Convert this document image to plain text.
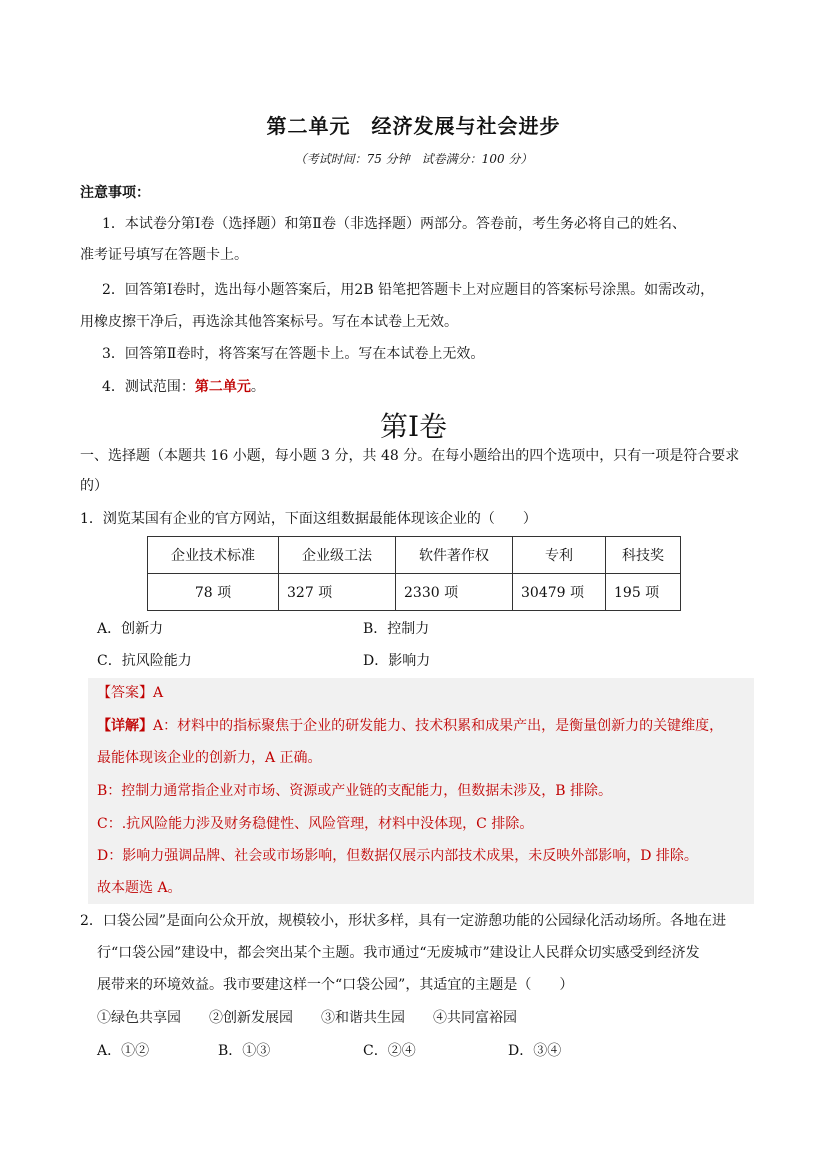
第二单元　经济发展与社会进步
（考试时间：75 分钟　试卷满分：100 分）
注意事项：
1．本试卷分第Ⅰ卷（选择题）和第Ⅱ卷（非选择题）两部分。答卷前，考生务必将自己的姓名、
准考证号填写在答题卡上。
2．回答第Ⅰ卷时，选出每小题答案后，用2B 铅笔把答题卡上对应题目的答案标号涂黑。如需改动，
用橡皮擦干净后，再选涂其他答案标号。写在本试卷上无效。
3．回答第Ⅱ卷时，将答案写在答题卡上。写在本试卷上无效。
4．测试范围：第二单元。
第I卷
一、选择题（本题共 16 小题，每小题 3 分，共 48 分。在每小题给出的四个选项中，只有一项是符合要求
的）
1．浏览某国有企业的官方网站，下面这组数据最能体现该企业的（　　）
企业技术标准	企业级工法	软件著作权	专利	科技奖
78 项	327 项	2330 项	30479 项	195 项
A．创新力	B．控制力
C．抗风险能力	D．影响力
【答案】A
【详解】A：材料中的指标聚焦于企业的研发能力、技术积累和成果产出，是衡量创新力的关键维度，
最能体现该企业的创新力，A 正确。
B：控制力通常指企业对市场、资源或产业链的支配能力，但数据未涉及，B 排除。
C：.抗风险能力涉及财务稳健性、风险管理，材料中没体现，C 排除。
D：影响力强调品牌、社会或市场影响，但数据仅展示内部技术成果，未反映外部影响，D 排除。
故本题选 A。
2．口袋公园”是面向公众开放，规模较小，形状多样，具有一定游憩功能的公园绿化活动场所。各地在进
行“口袋公园”建设中，都会突出某个主题。我市通过“无废城市”建设让人民群众切实感受到经济发
展带来的环境效益。我市要建这样一个“口袋公园”，其适宜的主题是（　　）
①绿色共享园　　②创新发展园　　③和谐共生园　　④共同富裕园
A．①②	B．①③	C．②④	D．③④
